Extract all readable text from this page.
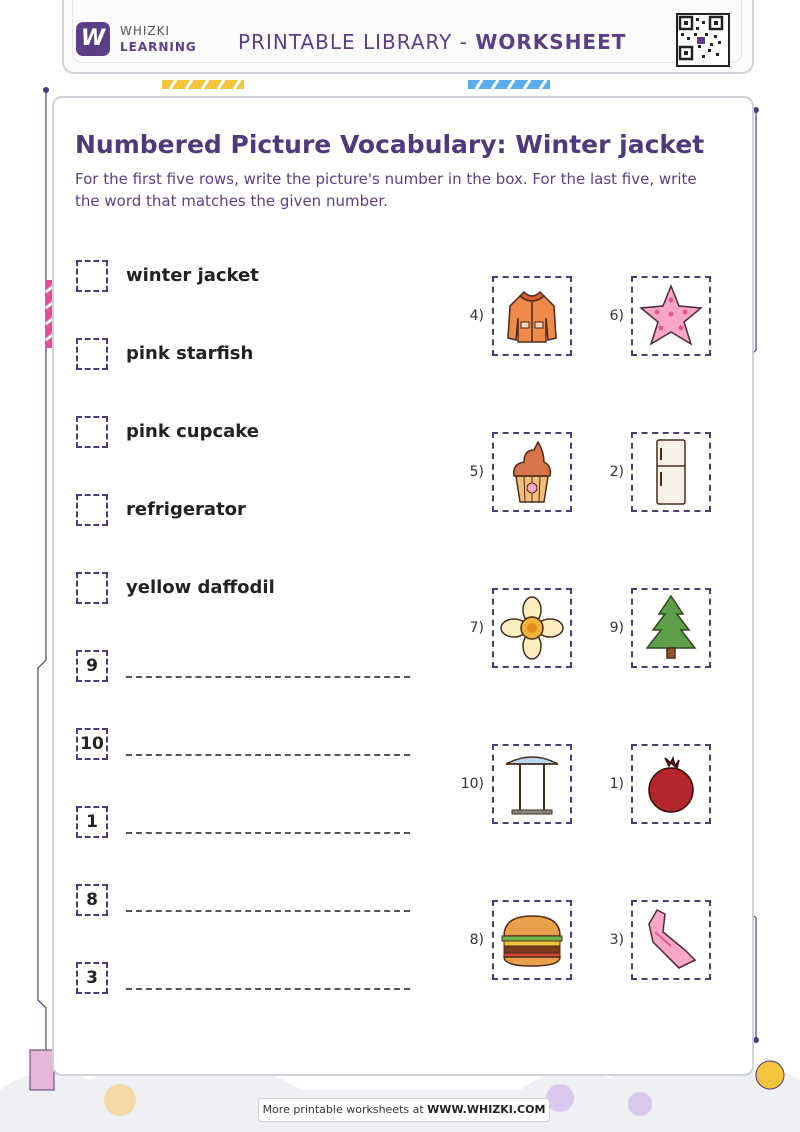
W	WHIZKI
LEARNING PRINTABLE LIBRARY - WORKSHEET
Numbered Picture Vocabulary: Winter jacket
For the first five rows, write the picture's number in the box. For the last five, write the word that matches the given number.
winter jacket
pink starfish
pink cupcake
refrigerator
yellow daffodil
9
10
1
8
3
4)	6)
5)	2)
7)	9)
10)	1)
8)	3)
More printable worksheets at WWW.WHIZKI.COM
